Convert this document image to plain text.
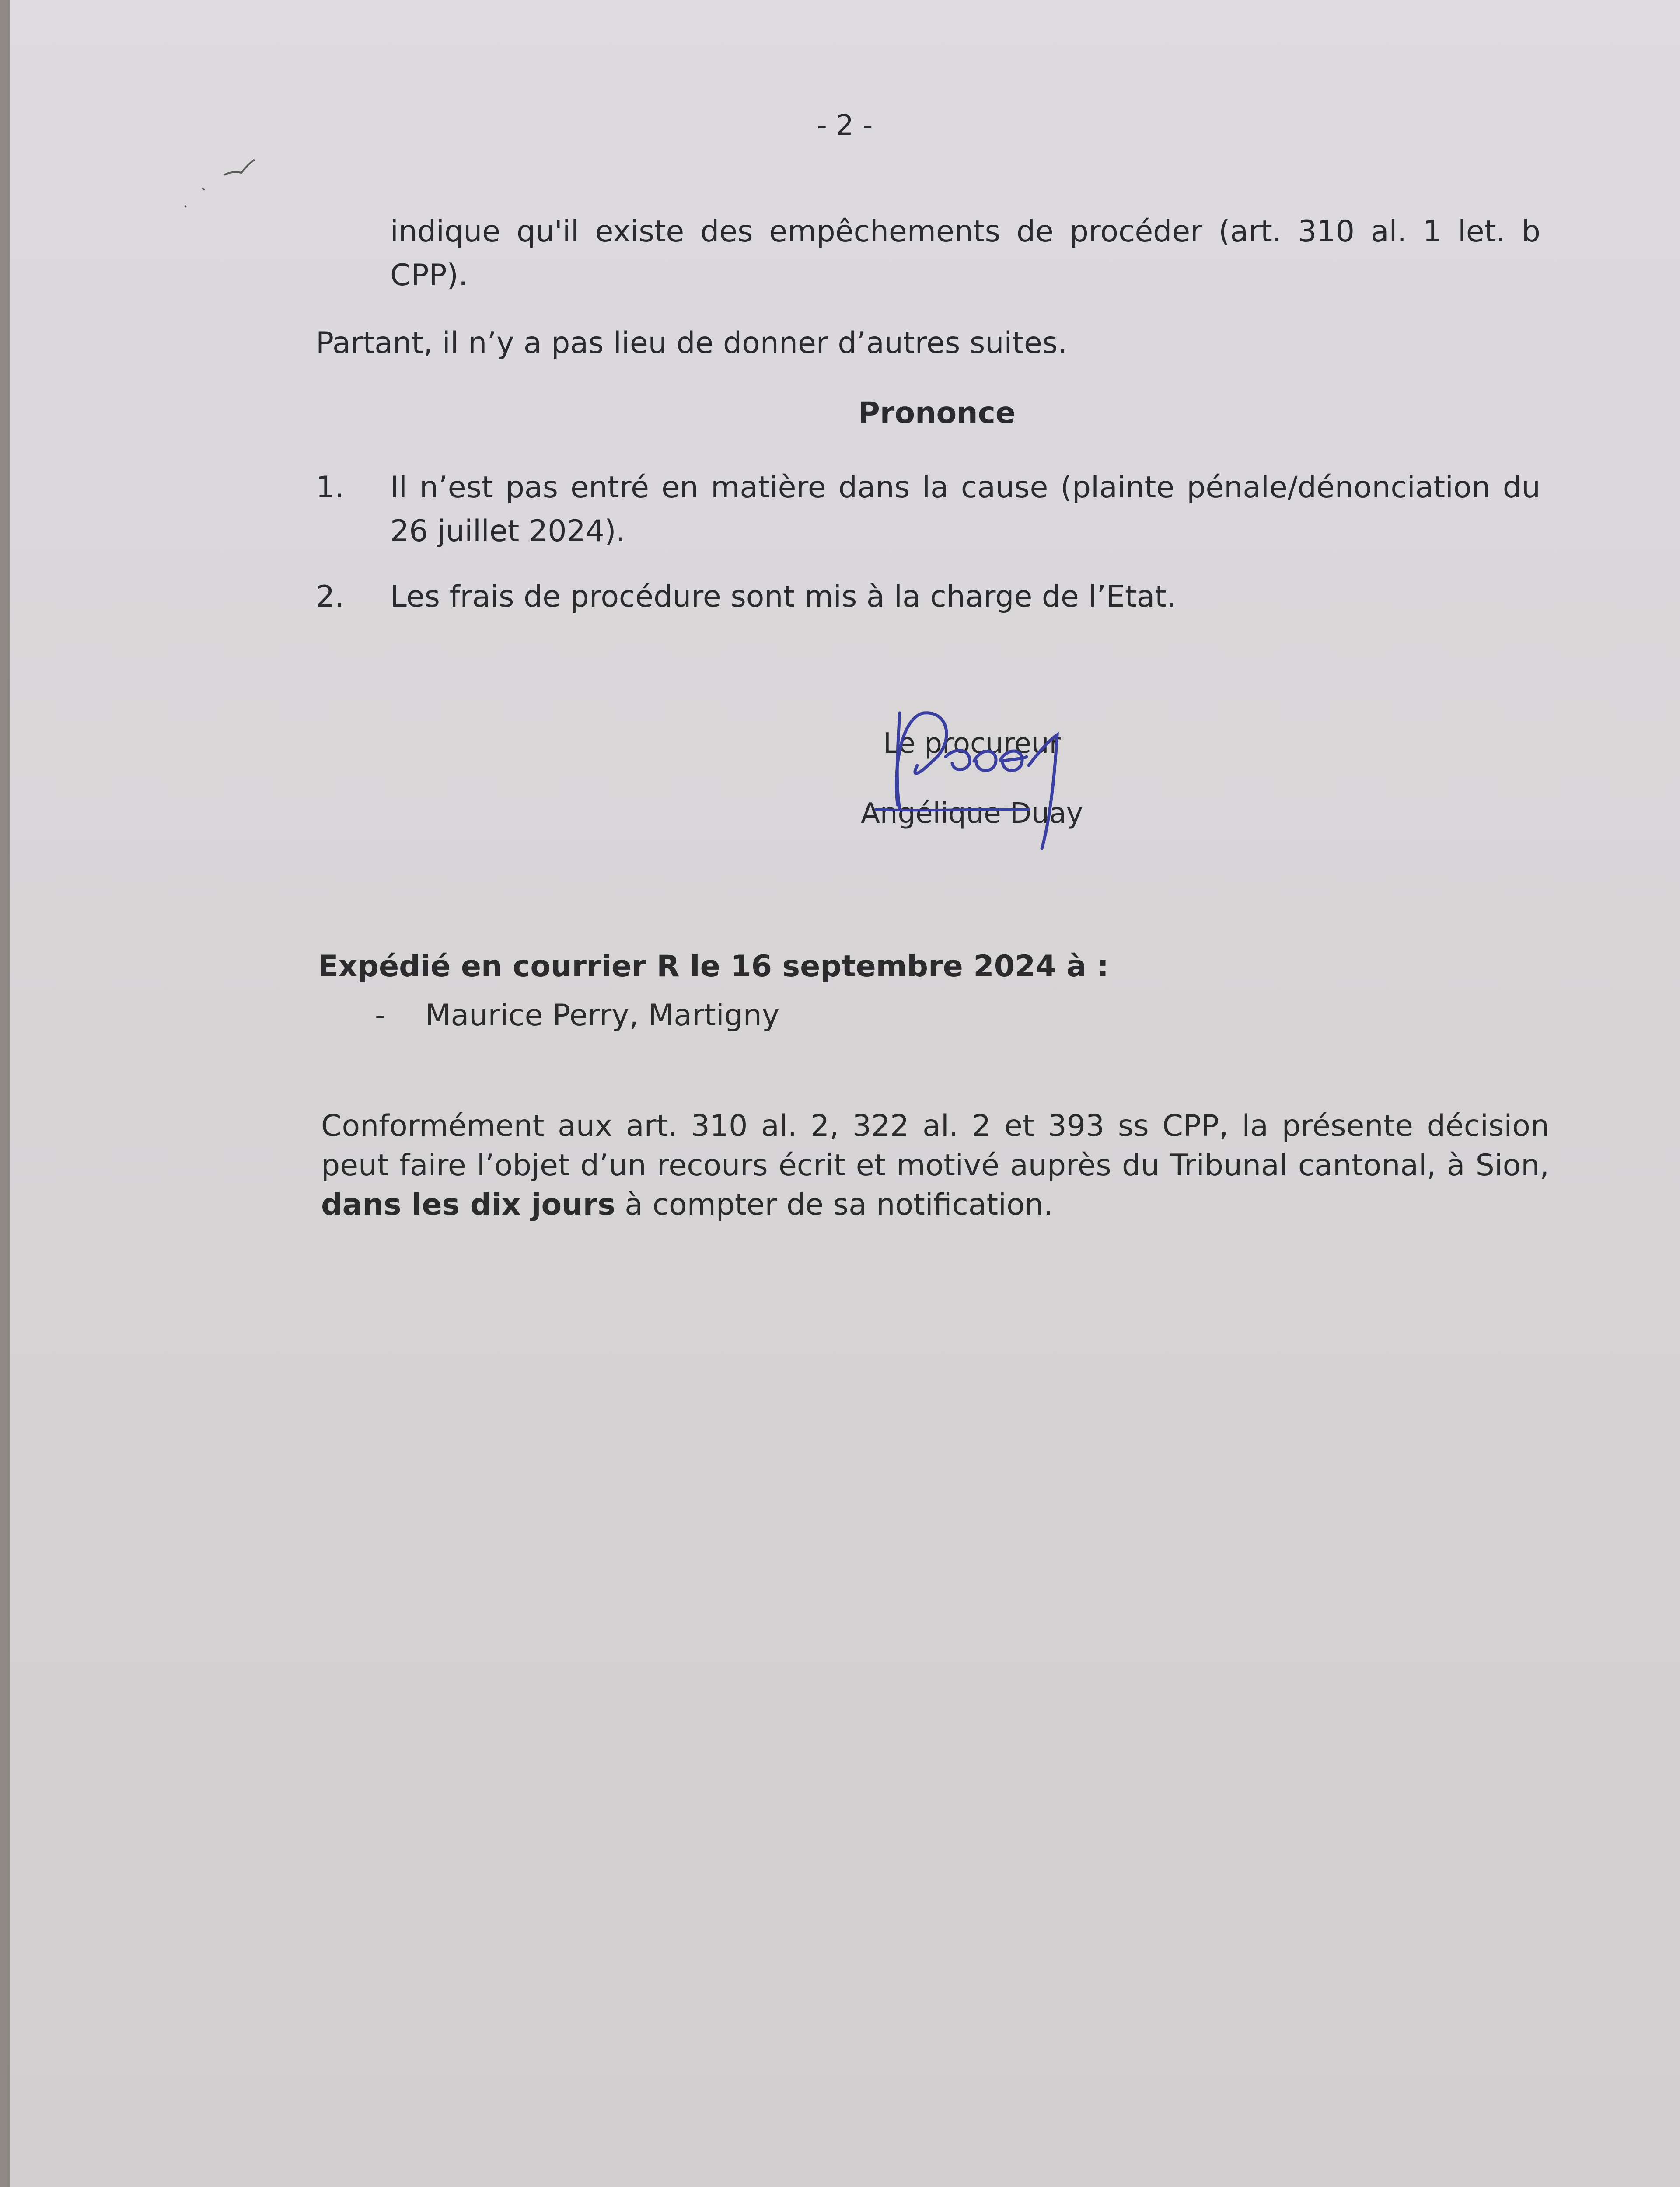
- 2 -
indique qu'il existe des empêchements de procéder (art. 310 al. 1 let. b CPP).
Partant, il n’y a pas lieu de donner d’autres suites.
Prononce
1. Il n’est pas entré en matière dans la cause (plainte pénale/dénonciation du 26 juillet 2024).
2. Les frais de procédure sont mis à la charge de l’Etat.
Le procureur
Angélique Duay
Expédié en courrier R le 16 septembre 2024 à :
- Maurice Perry, Martigny
Conformément aux art. 310 al. 2, 322 al. 2 et 393 ss CPP, la présente décision peut faire l’objet d’un recours écrit et motivé auprès du Tribunal cantonal, à Sion, dans les dix jours à compter de sa notification.
